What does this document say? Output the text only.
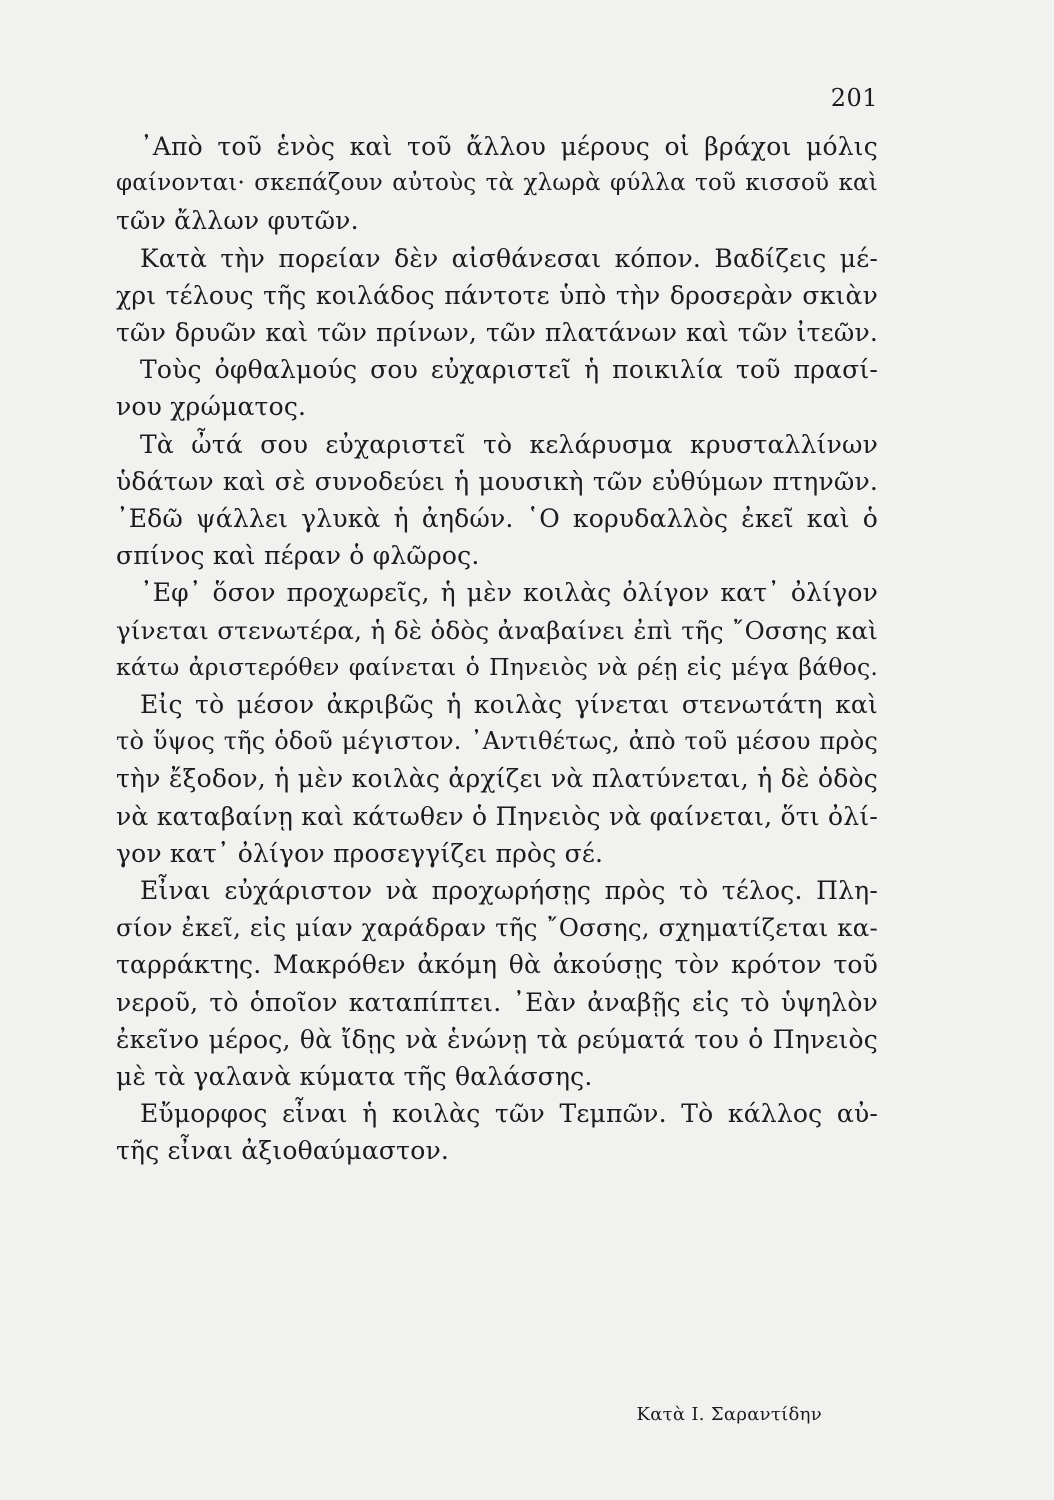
201
᾿Απὸ τοῦ ἑνὸς καὶ τοῦ ἄλλου μέρους οἱ βράχοι μόλις
φαίνονται· σκεπάζουν αὐτοὺς τὰ χλωρὰ φύλλα τοῦ κισσοῦ καὶ
τῶν ἄλλων φυτῶν.
Κατὰ τὴν πορείαν δὲν αἰσθάνεσαι κόπον. Βαδίζεις μέ-
χρι τέλους τῆς κοιλάδος πάντοτε ὑπὸ τὴν δροσερὰν σκιὰν
τῶν δρυῶν καὶ τῶν πρίνων, τῶν πλατάνων καὶ τῶν ἰτεῶν.
Τοὺς ὀφθαλμούς σου εὐχαριστεῖ ἡ ποικιλία τοῦ πρασί-
νου χρώματος.
Τὰ ὦτά σου εὐχαριστεῖ τὸ κελάρυσμα κρυσταλλίνων
ὑδάτων καὶ σὲ συνοδεύει ἡ μουσικὴ τῶν εὐθύμων πτηνῶν.
᾿Εδῶ ψάλλει γλυκὰ ἡ ἀηδών. ῾Ο κορυδαλλὸς ἐκεῖ καὶ ὁ
σπίνος καὶ πέραν ὁ φλῶρος.
᾿Εφ᾿ ὅσον προχωρεῖς, ἡ μὲν κοιλὰς ὀλίγον κατ᾿ ὀλίγον
γίνεται στενωτέρα, ἡ δὲ ὁδὸς ἀναβαίνει ἐπὶ τῆς ῎Οσσης καὶ
κάτω ἀριστερόθεν φαίνεται ὁ Πηνειὸς νὰ ρέῃ εἰς μέγα βάθος.
Εἰς τὸ μέσον ἀκριβῶς ἡ κοιλὰς γίνεται στενωτάτη καὶ
τὸ ὕψος τῆς ὁδοῦ μέγιστον. ᾿Αντιθέτως, ἀπὸ τοῦ μέσου πρὸς
τὴν ἔξοδον, ἡ μὲν κοιλὰς ἀρχίζει νὰ πλατύνεται, ἡ δὲ ὁδὸς
νὰ καταβαίνῃ καὶ κάτωθεν ὁ Πηνειὸς νὰ φαίνεται, ὅτι ὀλί-
γον κατ᾿ ὀλίγον προσεγγίζει πρὸς σέ.
Εἶναι εὐχάριστον νὰ προχωρήσῃς πρὸς τὸ τέλος. Πλη-
σίον ἐκεῖ, εἰς μίαν χαράδραν τῆς ῎Οσσης, σχηματίζεται κα-
ταρράκτης. Μακρόθεν ἀκόμη θὰ ἀκούσῃς τὸν κρότον τοῦ
νεροῦ, τὸ ὁποῖον καταπίπτει. ᾿Εὰν ἀναβῇς εἰς τὸ ὑψηλὸν
ἐκεῖνο μέρος, θὰ ἴδῃς νὰ ἑνώνῃ τὰ ρεύματά του ὁ Πηνειὸς
μὲ τὰ γαλανὰ κύματα τῆς θαλάσσης.
Εὔμορφος εἶναι ἡ κοιλὰς τῶν Τεμπῶν. Τὸ κάλλος αὐ-
τῆς εἶναι ἀξιοθαύμαστον.
Κατὰ Ι. Σαραντίδην
